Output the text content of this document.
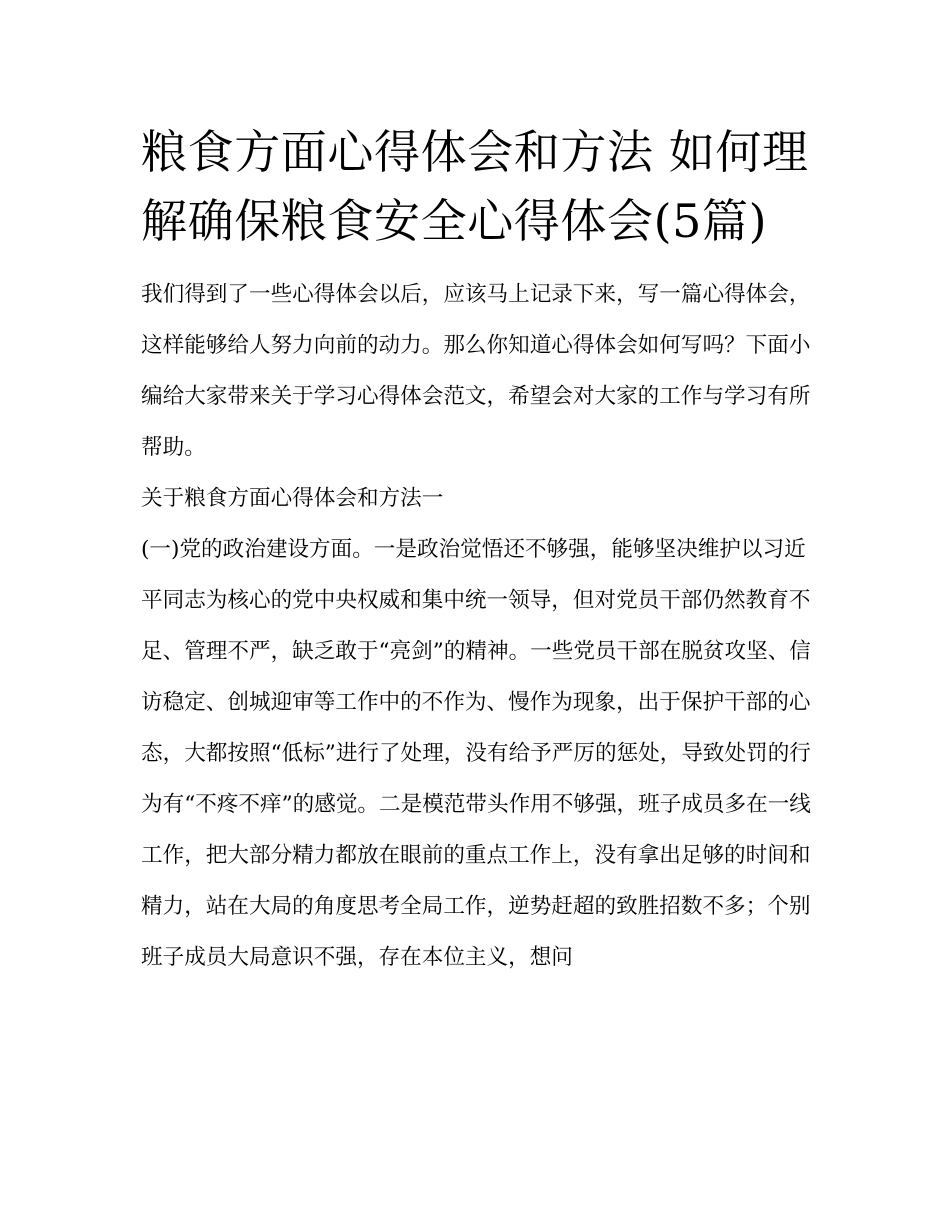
粮食方面心得体会和方法 如何理解确保粮食安全心得体会(5篇)

我们得到了一些心得体会以后，应该马上记录下来，写一篇心得体会，这样能够给人努力向前的动力。那么你知道心得体会如何写吗？下面小编给大家带来关于学习心得体会范文，希望会对大家的工作与学习有所帮助。

关于粮食方面心得体会和方法一

(一)党的政治建设方面。一是政治觉悟还不够强，能够坚决维护以习近平同志为核心的党中央权威和集中统一领导，但对党员干部仍然教育不足、管理不严，缺乏敢于“亮剑”的精神。一些党员干部在脱贫攻坚、信访稳定、创城迎审等工作中的不作为、慢作为现象，出于保护干部的心态，大都按照“低标”进行了处理，没有给予严厉的惩处，导致处罚的行为有“不疼不痒”的感觉。二是模范带头作用不够强，班子成员多在一线工作，把大部分精力都放在眼前的重点工作上，没有拿出足够的时间和精力，站在大局的角度思考全局工作，逆势赶超的致胜招数不多；个别班子成员大局意识不强，存在本位主义，想问
